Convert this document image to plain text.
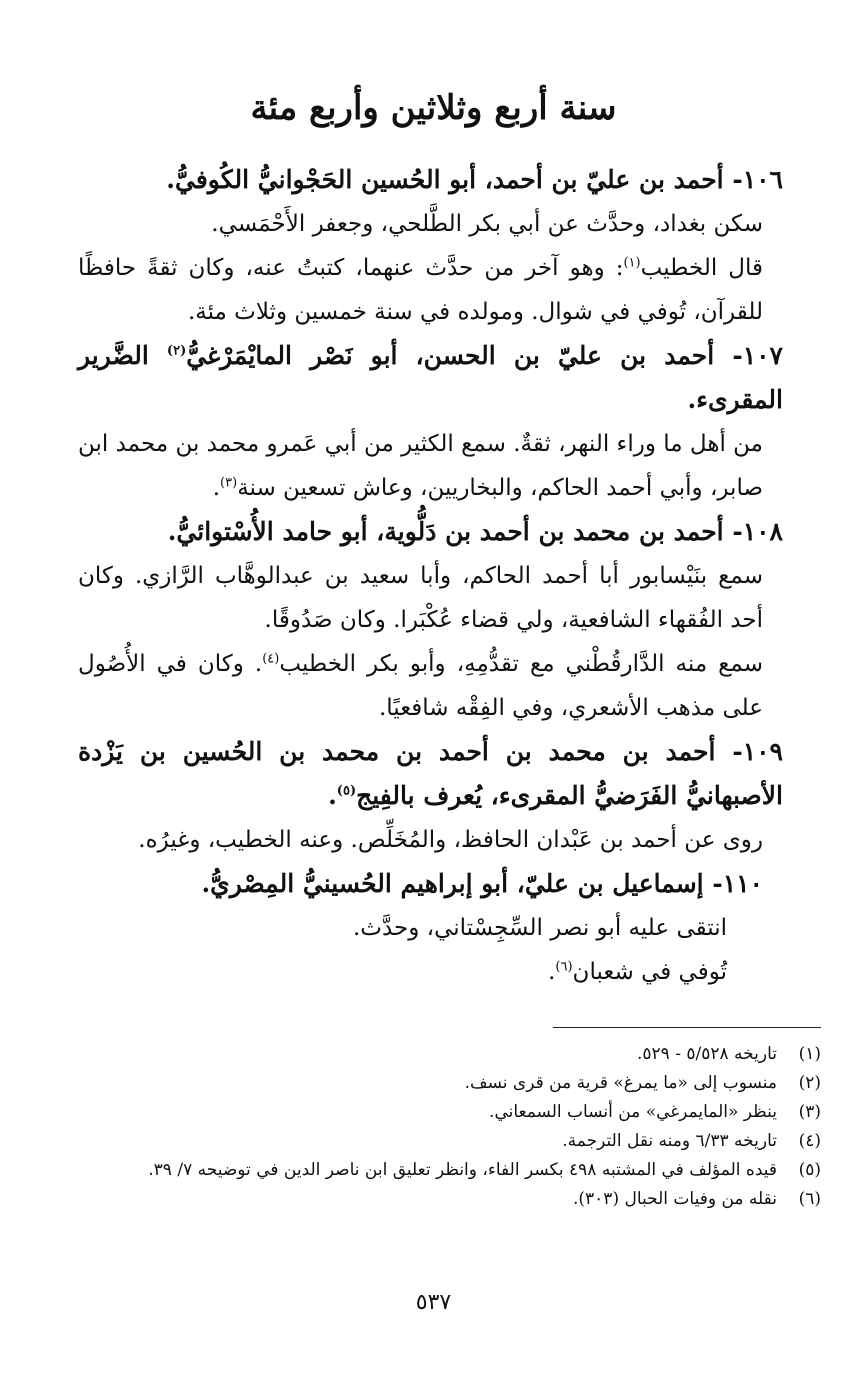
سنة أربع وثلاثين وأربع مئة
١٠٦- أحمد بن عليّ بن أحمد، أبو الحُسين الحَجْوانيُّ الكُوفيُّ.
سكن بغداد، وحدَّث عن أبي بكر الطَّلحي، وجعفر الأَحْمَسي.
قال الخطيب$^{(١)}$: وهو آخر من حدَّث عنهما، كتبتُ عنه، وكان ثقةً حافظًا للقرآن، تُوفي في شوال. ومولده في سنة خمسين وثلاث مئة.
١٠٧- أحمد بن عليّ بن الحسن، أبو نَصْر المايْمَرْغيُّ$^{(٢)}$ الضَّرير المقرىء.
من أهل ما وراء النهر، ثقةٌ. سمع الكثير من أبي عَمرو محمد بن محمد ابن صابر، وأبي أحمد الحاكم، والبخاريين، وعاش تسعين سنة$^{(٣)}$.
١٠٨- أحمد بن محمد بن أحمد بن دَلُّوية، أبو حامد الأُسْتوائيُّ.
سمع بنَيْسابور أبا أحمد الحاكم، وأبا سعيد بن عبدالوهَّاب الرَّازي. وكان أحد الفُقهاء الشافعية، ولي قضاء عُكْبَرا. وكان صَدُوقًا.
سمع منه الدَّارقُطْني مع تقدُّمِهِ، وأبو بكر الخطيب$^{(٤)}$. وكان في الأُصُول على مذهب الأشعري، وفي الفِقْه شافعيًا.
١٠٩- أحمد بن محمد بن أحمد بن محمد بن الحُسين بن يَزْدة الأصبهانيُّ الفَرَضيُّ المقرىء، يُعرف بالفِيج$^{(٥)}$.
روى عن أحمد بن عَبْدان الحافظ، والمُخَلِّص. وعنه الخطيب، وغيرُه.
١١٠- إسماعيل بن عليّ، أبو إبراهيم الحُسينيُّ المِصْريُّ.
انتقى عليه أبو نصر السِّجِسْتاني، وحدَّث.
تُوفي في شعبان$^{(٦)}$.
(١)
تاريخه ٥/٥٢٨ - ٥٢٩.
(٢)
منسوب إلى «ما يمرغ» قرية من قرى نسف.
(٣)
ينظر «المايمرغي» من أنساب السمعاني.
(٤)
تاريخه ٦/٣٣ ومنه نقل الترجمة.
(٥)
قيده المؤلف في المشتبه ٤٩٨ بكسر الفاء، وانظر تعليق ابن ناصر الدين في توضيحه ٧/ ٣٩.
(٦)
نقله من وفيات الحبال (٣٠٣).
٥٣٧
